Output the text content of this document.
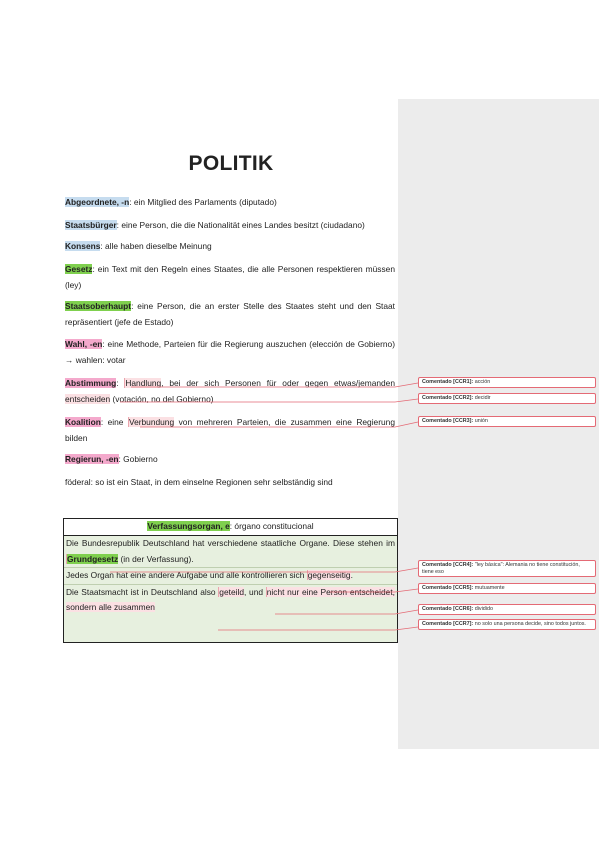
POLITIK
Abgeordnete, -n: ein Mitglied des Parlaments (diputado)
Staatsbürger: eine Person, die die Nationalität eines Landes besitzt (ciudadano)
Konsens: alle haben dieselbe Meinung
Gesetz: ein Text mit den Regeln eines Staates, die alle Personen respektieren müssen (ley)
Staatsoberhaupt: eine Person, die an erster Stelle des Staates steht und den Staat repräsentiert (jefe de Estado)
Wahl, -en: eine Methode, Parteien für die Regierung auszuchen (elección de Gobierno) → wahlen: votar
Abstimmung: Handlung, bei der sich Personen für oder gegen etwas/jemanden entscheiden (votación, no del Gobierno)
Koalition: eine Verbundung von mehreren Parteien, die zusammen eine Regierung bilden
Regierun, -en: Gobierno
föderal: so ist ein Staat, in dem einselne Regionen sehr selbständig sind
Verfassungsorgan, e: órgano constitucional
Die Bundesrepublik Deutschland hat verschiedene staatliche Organe. Diese stehen im Grundgesetz (in der Verfassung).
Jedes Organ hat eine andere Aufgabe und alle kontrollieren sich gegenseitig.
Die Staatsmacht ist in Deutschland also geteild, und nicht nur eine Person entscheidet, sondern alle zusammen
Comentado [CCR1]: acción
Comentado [CCR2]: decidir
Comentado [CCR3]: unión
Comentado [CCR4]: "ley básica": Alemania no tiene constitución, tiene eso
Comentado [CCR5]: mutuamente
Comentado [CCR6]: dividido
Comentado [CCR7]: no solo una persona decide, sino todos juntos.
